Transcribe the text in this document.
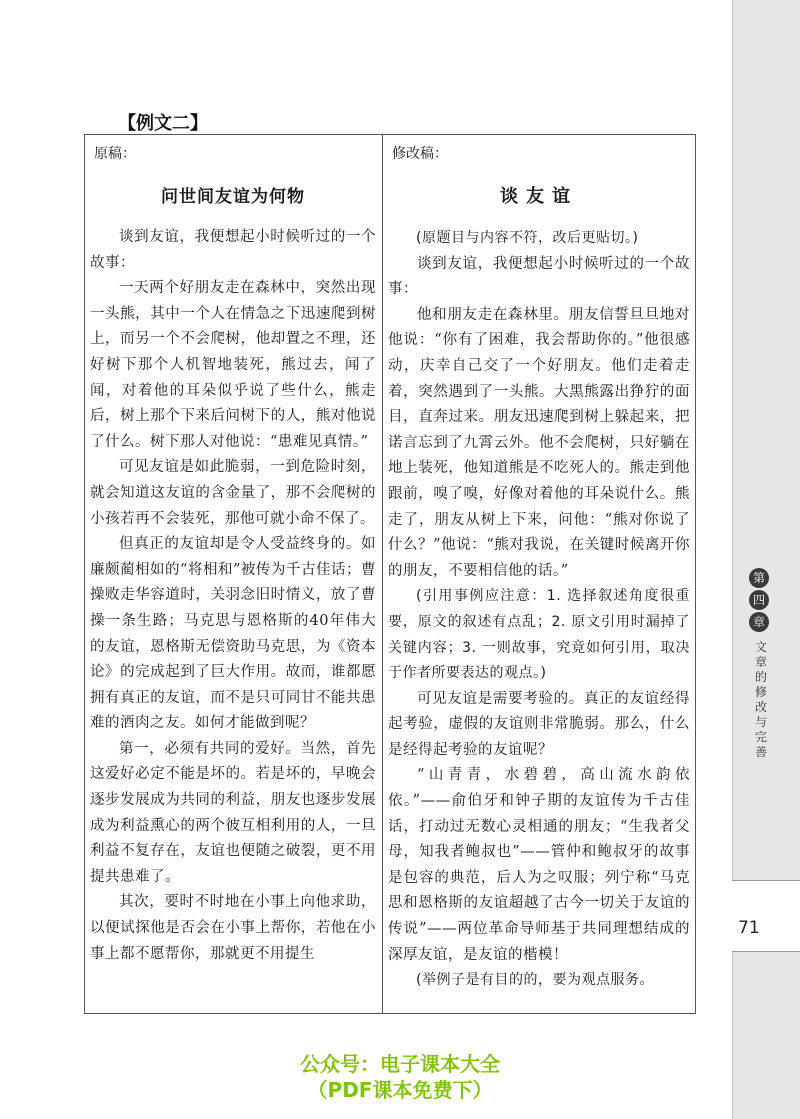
第
四
章
文
章
的
修
改
与
完
善
71
【例文二】
原稿：
问世间友谊为何物

谈到友谊，我便想起小时候听过的一个故事：

一天两个好朋友走在森林中，突然出现一头熊，其中一个人在情急之下迅速爬到树上，而另一个不会爬树，他却置之不理，还好树下那个人机智地装死，熊过去，闻了闻，对着他的耳朵似乎说了些什么，熊走后，树上那个下来后问树下的人，熊对他说了什么。树下那人对他说：“患难见真情。”

可见友谊是如此脆弱，一到危险时刻，就会知道这友谊的含金量了，那不会爬树的小孩若再不会装死，那他可就小命不保了。

但真正的友谊却是令人受益终身的。如廉颇蔺相如的“将相和”被传为千古佳话；曹操败走华容道时，关羽念旧时情义，放了曹操一条生路；马克思与恩格斯的40年伟大的友谊，恩格斯无偿资助马克思，为《资本论》的完成起到了巨大作用。故而，谁都愿拥有真正的友谊，而不是只可同甘不能共患难的酒肉之友。如何才能做到呢？

第一，必须有共同的爱好。当然，首先这爱好必定不能是坏的。若是坏的，早晚会逐步发展成为共同的利益，朋友也逐步发展成为利益熏心的两个彼互相利用的人，一旦利益不复存在，友谊也便随之破裂，更不用提共患难了。

其次，要时不时地在小事上向他求助，以便试探他是否会在小事上帮你，若他在小事上都不愿帮你，那就更不用提生

修改稿：
谈友谊

(原题目与内容不符，改后更贴切。)

谈到友谊，我便想起小时候听过的一个故事：

他和朋友走在森林里。朋友信誓旦旦地对他说：“你有了困难，我会帮助你的。”他很感动，庆幸自己交了一个好朋友。他们走着走着，突然遇到了一头熊。大黑熊露出狰狞的面目，直奔过来。朋友迅速爬到树上躲起来，把诺言忘到了九霄云外。他不会爬树，只好躺在地上装死，他知道熊是不吃死人的。熊走到他跟前，嗅了嗅，好像对着他的耳朵说什么。熊走了，朋友从树上下来，问他：“熊对你说了什么？”他说：“熊对我说，在关键时候离开你的朋友，不要相信他的话。”

(引用事例应注意：1. 选择叙述角度很重要，原文的叙述有点乱；2. 原文引用时漏掉了关键内容；3. 一则故事，究竟如何引用，取决于作者所要表达的观点。)

可见友谊是需要考验的。真正的友谊经得起考验，虚假的友谊则非常脆弱。那么，什么是经得起考验的友谊呢？

“山青青，水碧碧，高山流水韵依依。”——俞伯牙和钟子期的友谊传为千古佳话，打动过无数心灵相通的朋友；“生我者父母，知我者鲍叔也”——管仲和鲍叔牙的故事是包容的典范，后人为之叹服；列宁称“马克思和恩格斯的友谊超越了古今一切关于友谊的传说”——两位革命导师基于共同理想结成的深厚友谊，是友谊的楷模！

(举例子是有目的的，要为观点服务。

公众号：电子课本大全
（PDF课本免费下）
